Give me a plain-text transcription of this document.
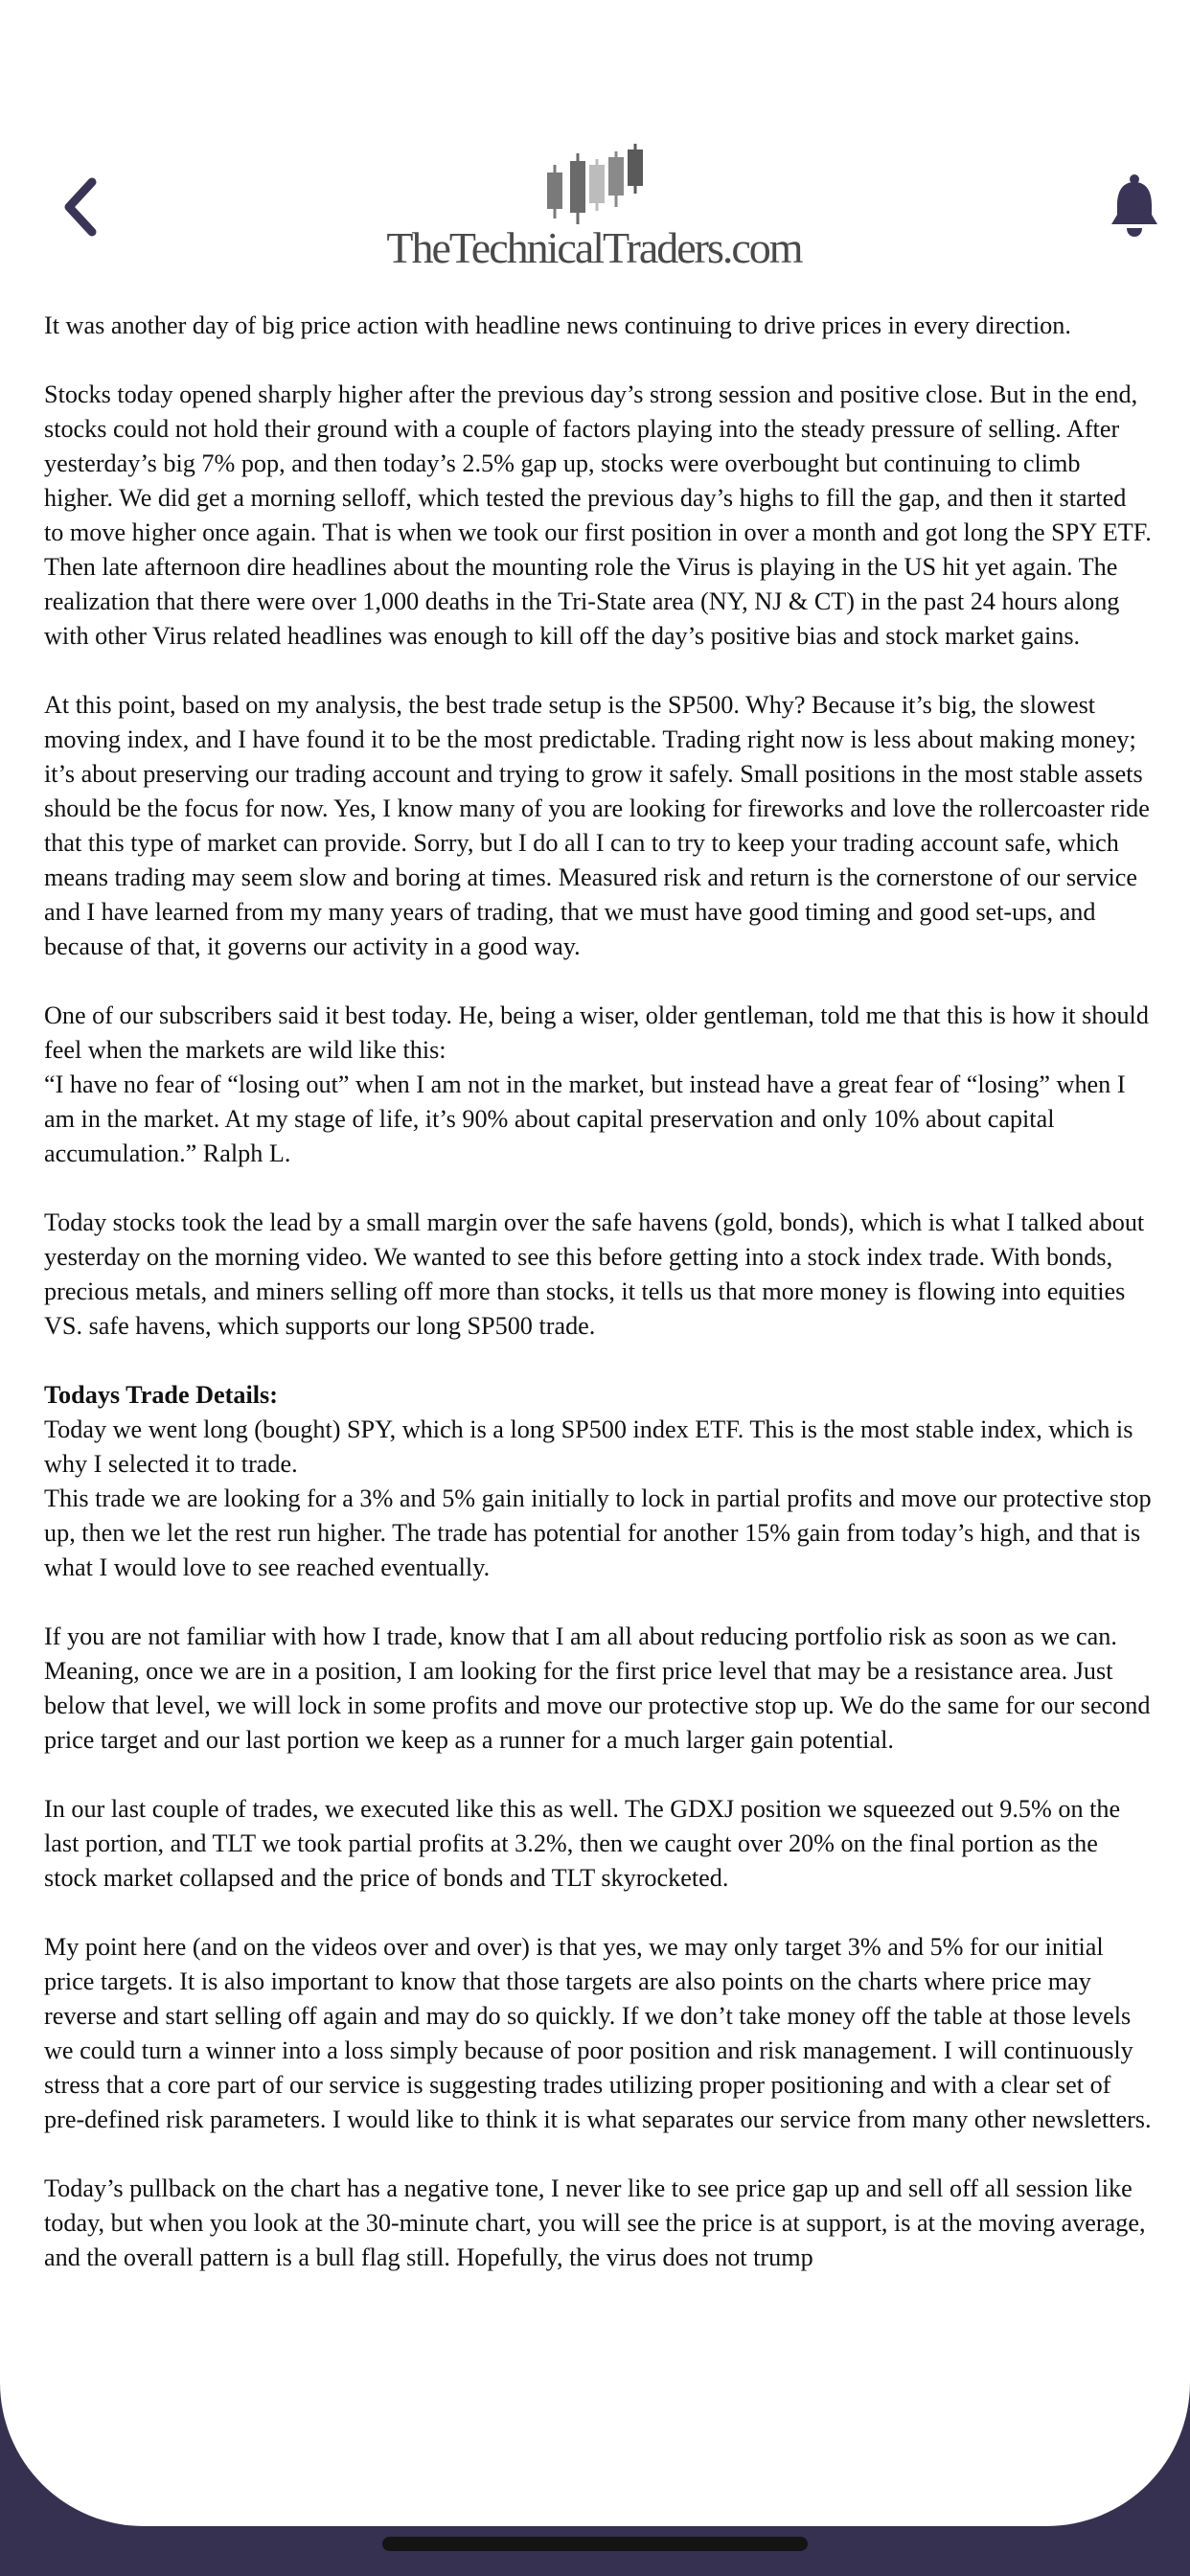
TheTechnicalTraders.com

It was another day of big price action with headline news continuing to drive prices in every direction.

Stocks today opened sharply higher after the previous day’s strong session and positive close. But in the end, stocks could not hold their ground with a couple of factors playing into the steady pressure of selling. After yesterday’s big 7% pop, and then today’s 2.5% gap up, stocks were overbought but continuing to climb higher. We did get a morning selloff, which tested the previous day’s highs to fill the gap, and then it started to move higher once again. That is when we took our first position in over a month and got long the SPY ETF. Then late afternoon dire headlines about the mounting role the Virus is playing in the US hit yet again. The realization that there were over 1,000 deaths in the Tri-State area (NY, NJ & CT) in the past 24 hours along with other Virus related headlines was enough to kill off the day’s positive bias and stock market gains.

At this point, based on my analysis, the best trade setup is the SP500. Why? Because it’s big, the slowest moving index, and I have found it to be the most predictable. Trading right now is less about making money; it’s about preserving our trading account and trying to grow it safely. Small positions in the most stable assets should be the focus for now. Yes, I know many of you are looking for fireworks and love the rollercoaster ride that this type of market can provide. Sorry, but I do all I can to try to keep your trading account safe, which means trading may seem slow and boring at times. Measured risk and return is the cornerstone of our service and I have learned from my many years of trading, that we must have good timing and good set-ups, and because of that, it governs our activity in a good way.

One of our subscribers said it best today. He, being a wiser, older gentleman, told me that this is how it should feel when the markets are wild like this:
“I have no fear of “losing out” when I am not in the market, but instead have a great fear of “losing” when I am in the market. At my stage of life, it’s 90% about capital preservation and only 10% about capital accumulation.” Ralph L.

Today stocks took the lead by a small margin over the safe havens (gold, bonds), which is what I talked about yesterday on the morning video. We wanted to see this before getting into a stock index trade. With bonds, precious metals, and miners selling off more than stocks, it tells us that more money is flowing into equities VS. safe havens, which supports our long SP500 trade.

Todays Trade Details:
Today we went long (bought) SPY, which is a long SP500 index ETF. This is the most stable index, which is why I selected it to trade.
This trade we are looking for a 3% and 5% gain initially to lock in partial profits and move our protective stop up, then we let the rest run higher. The trade has potential for another 15% gain from today’s high, and that is what I would love to see reached eventually.

If you are not familiar with how I trade, know that I am all about reducing portfolio risk as soon as we can. Meaning, once we are in a position, I am looking for the first price level that may be a resistance area. Just below that level, we will lock in some profits and move our protective stop up. We do the same for our second price target and our last portion we keep as a runner for a much larger gain potential.

In our last couple of trades, we executed like this as well. The GDXJ position we squeezed out 9.5% on the last portion, and TLT we took partial profits at 3.2%, then we caught over 20% on the final portion as the stock market collapsed and the price of bonds and TLT skyrocketed.

My point here (and on the videos over and over) is that yes, we may only target 3% and 5% for our initial price targets. It is also important to know that those targets are also points on the charts where price may reverse and start selling off again and may do so quickly. If we don’t take money off the table at those levels we could turn a winner into a loss simply because of poor position and risk management. I will continuously stress that a core part of our service is suggesting trades utilizing proper positioning and with a clear set of pre-defined risk parameters. I would like to think it is what separates our service from many other newsletters.

Today’s pullback on the chart has a negative tone, I never like to see price gap up and sell off all session like today, but when you look at the 30-minute chart, you will see the price is at support, is at the moving average, and the overall pattern is a bull flag still. Hopefully, the virus does not trump
